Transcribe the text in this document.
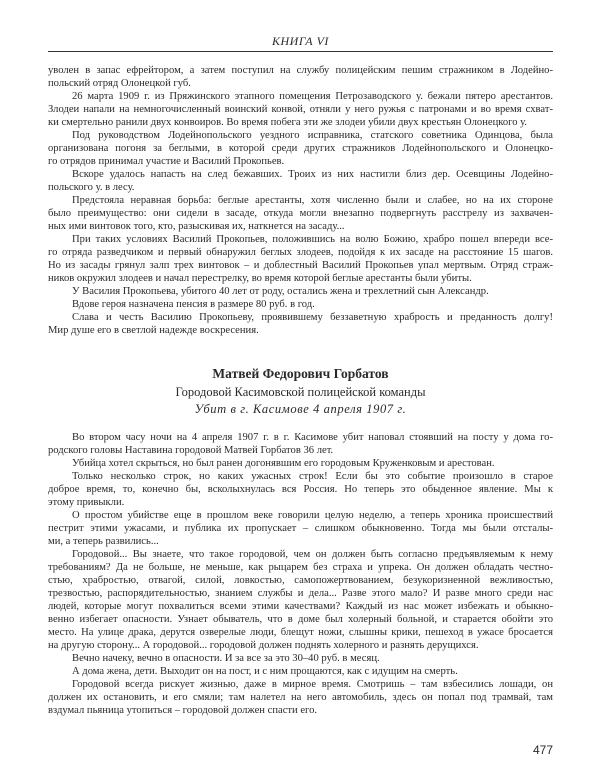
КНИГА VI
уволен в запас ефрейтором, а затем поступил на службу полицейским пешим стражником в Лодейно-
польский отряд Олонецкой губ.
26 марта 1909 г. из Пряжинского этапного помещения Петрозаводского у. бежали пятеро арестантов.
Злодеи напали на немногочисленный воинский конвой, отняли у него ружья с патронами и во время схват-
ки смертельно ранили двух конвоиров. Во время побега эти же злодеи убили двух крестьян Олонецкого у.
Под руководством Лодейнопольского уездного исправника, статского советника Одинцова, была
организована погоня за беглыми, в которой среди других стражников Лодейнопольского и Олонецко-
го отрядов принимал участие и Василий Прокопьев.
Вскоре удалось напасть на след бежавших. Троих из них настигли близ дер. Осевщины Лодейно-
польского у. в лесу.
Предстояла неравная борьба: беглые арестанты, хотя численно были и слабее, но на их стороне
было преимущество: они сидели в засаде, откуда могли внезапно подвергнуть расстрелу из захвачен-
ных ими винтовок того, кто, разыскивая их, наткнется на засаду...
При таких условиях Василий Прокопьев, положившись на волю Божию, храбро пошел впереди все-
го отряда разведчиком и первый обнаружил беглых злодеев, подойдя к их засаде на расстояние 15 шагов.
Но из засады грянул залп трех винтовок – и доблестный Василий Прокопьев упал мертвым. Отряд страж-
ников окружил злодеев и начал перестрелку, во время которой беглые арестанты были убиты.
У Василия Прокопьева, убитого 40 лет от роду, остались жена и трехлетний сын Александр.
Вдове героя назначена пенсия в размере 80 руб. в год.
Слава и честь Василию Прокопьеву, проявившему беззаветную храбрость и преданность долгу!
Мир душе его в светлой надежде воскресения.
Матвей Федорович Горбатов
Городовой Касимовской полицейской команды
Убит в г. Касимове 4 апреля 1907 г.
Во втором часу ночи на 4 апреля 1907 г. в г. Касимове убит наповал стоявший на посту у дома го-
родского головы Наставина городовой Матвей Горбатов 36 лет.
Убийца хотел скрыться, но был ранен догонявшим его городовым Круженковым и арестован.
Только несколько строк, но каких ужасных строк! Если бы это событие произошло в старое
доброе время, то, конечно бы, всколыхнулась вся Россия. Но теперь это обыденное явление. Мы к
этому привыкли.
О простом убийстве еще в прошлом веке говорили целую неделю, а теперь хроника происшествий
пестрит этими ужасами, и публика их пропускает – слишком обыкновенно. Тогда мы были отсталы-
ми, а теперь развились...
Городовой... Вы знаете, что такое городовой, чем он должен быть согласно предъявляемым к нему
требованиям? Да не больше, не меньше, как рыцарем без страха и упрека. Он должен обладать честно-
стью, храбростью, отвагой, силой, ловкостью, самопожертвованием, безукоризненной вежливостью,
трезвостью, распорядительностью, знанием службы и дела... Разве этого мало? И разве много среди нас
людей, которые могут похвалиться всеми этими качествами? Каждый из нас может избежать и обыкно-
венно избегает опасности. Узнает обыватель, что в доме был холерный больной, и старается обойти это
место. На улице драка, дерутся озверелые люди, блещут ножи, слышны крики, пешеход в ужасе бросается
на другую сторону... А городовой... городовой должен поднять холерного и разнять дерущихся.
Вечно начеку, вечно в опасности. И за все за это 30–40 руб. в месяц.
А дома жена, дети. Выходит он на пост, и с ним прощаются, как с идущим на смерть.
Городовой всегда рискует жизнью, даже в мирное время. Смотришь – там взбесились лошади, он
должен их остановить, и его смяли; там налетел на него автомобиль, здесь он попал под трамвай, там
вздумал пьяница утопиться – городовой должен спасти его.
477
